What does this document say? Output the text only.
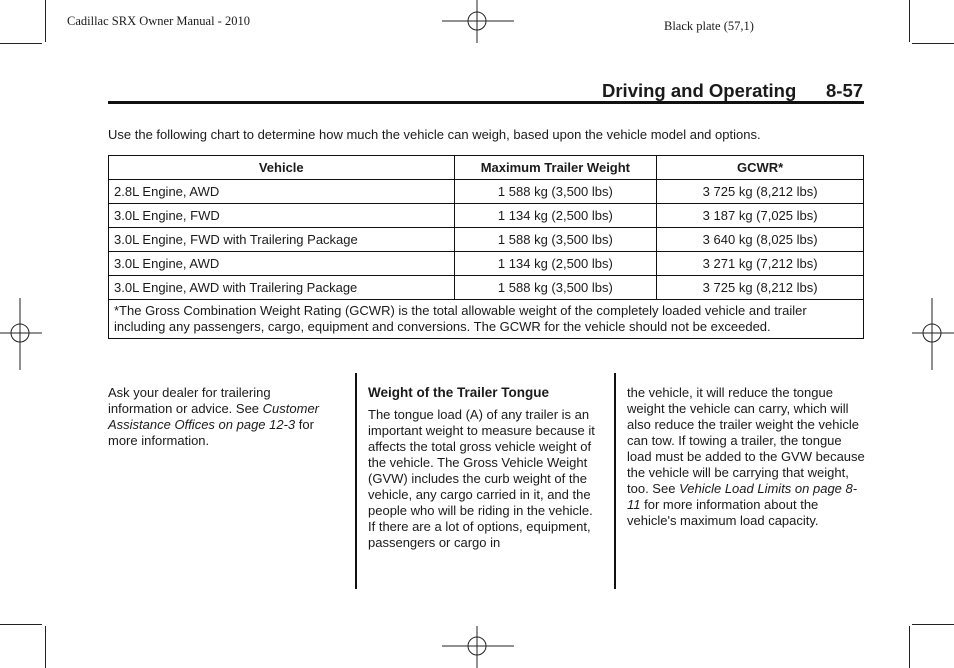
Cadillac SRX Owner Manual - 2010	Black plate (57,1)
Driving and Operating 8-57
Use the following chart to determine how much the vehicle can weigh, based upon the vehicle model and options.
Vehicle	Maximum Trailer Weight	GCWR*
2.8L Engine, AWD	1 588 kg (3,500 lbs)	3 725 kg (8,212 lbs)
3.0L Engine, FWD	1 134 kg (2,500 lbs)	3 187 kg (7,025 lbs)
3.0L Engine, FWD with Trailering Package	1 588 kg (3,500 lbs)	3 640 kg (8,025 lbs)
3.0L Engine, AWD	1 134 kg (2,500 lbs)	3 271 kg (7,212 lbs)
3.0L Engine, AWD with Trailering Package	1 588 kg (3,500 lbs)	3 725 kg (8,212 lbs)
*The Gross Combination Weight Rating (GCWR) is the total allowable weight of the completely loaded vehicle and trailer including any passengers, cargo, equipment and conversions. The GCWR for the vehicle should not be exceeded.		

Ask your dealer for trailering information or advice. See Customer Assistance Offices on page 12-3 for more information.

Weight of the Trailer Tongue

The tongue load (A) of any trailer is an important weight to measure because it affects the total gross vehicle weight of the vehicle. The Gross Vehicle Weight (GVW) includes the curb weight of the vehicle, any cargo carried in it, and the people who will be riding in the vehicle.

If there are a lot of options, equipment, passengers or cargo in

the vehicle, it will reduce the tongue weight the vehicle can carry, which will also reduce the trailer weight the vehicle can tow. If towing a trailer, the tongue load must be added to the GVW because the vehicle will be carrying that weight, too. See Vehicle Load Limits on page 8-11 for more information about the vehicle's maximum load capacity.
